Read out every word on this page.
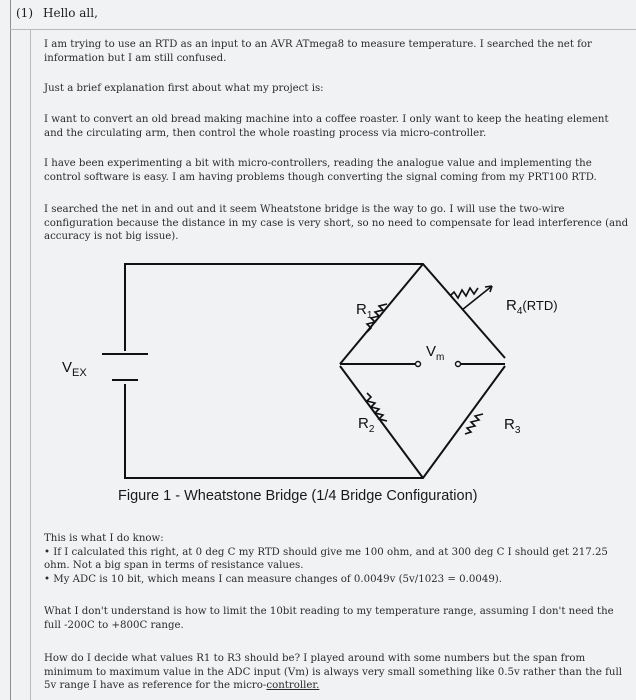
(1) Hello all,
I am trying to use an RTD as an input to an AVR ATmega8 to measure temperature. I searched the net for information but I am still confused.
Just a brief explanation first about what my project is:
I want to convert an old bread making machine into a coffee roaster. I only want to keep the heating element and the circulating arm, then control the whole roasting process via micro-controller.
I have been experimenting a bit with micro-controllers, reading the analogue value and implementing the control software is easy. I am having problems though converting the signal coming from my PRT100 RTD.
I searched the net in and out and it seem Wheatstone bridge is the way to go. I will use the two-wire configuration because the distance in my case is very short, so no need to compensate for lead interference (and accuracy is not big issue).
$V_{EX}$
$R_1$
$R_2$	$R_3$
$R_4(RTD)$
$V_m$
Figure 1 - Wheatstone Bridge (1/4 Bridge Configuration)
This is what I do know:
• If I calculated this right, at 0 deg C my RTD should give me 100 ohm, and at 300 deg C I should get 217.25 ohm. Not a big span in terms of resistance values.
• My ADC is 10 bit, which means I can measure changes of 0.0049v (5v/1023 = 0.0049).
What I don't understand is how to limit the 10bit reading to my temperature range, assuming I don't need the full -200C to +800C range.
How do I decide what values R1 to R3 should be? I played around with some numbers but the span from minimum to maximum value in the ADC input (Vm) is always very small something like 0.5v rather than the full 5v range I have as reference for the micro-controller.
